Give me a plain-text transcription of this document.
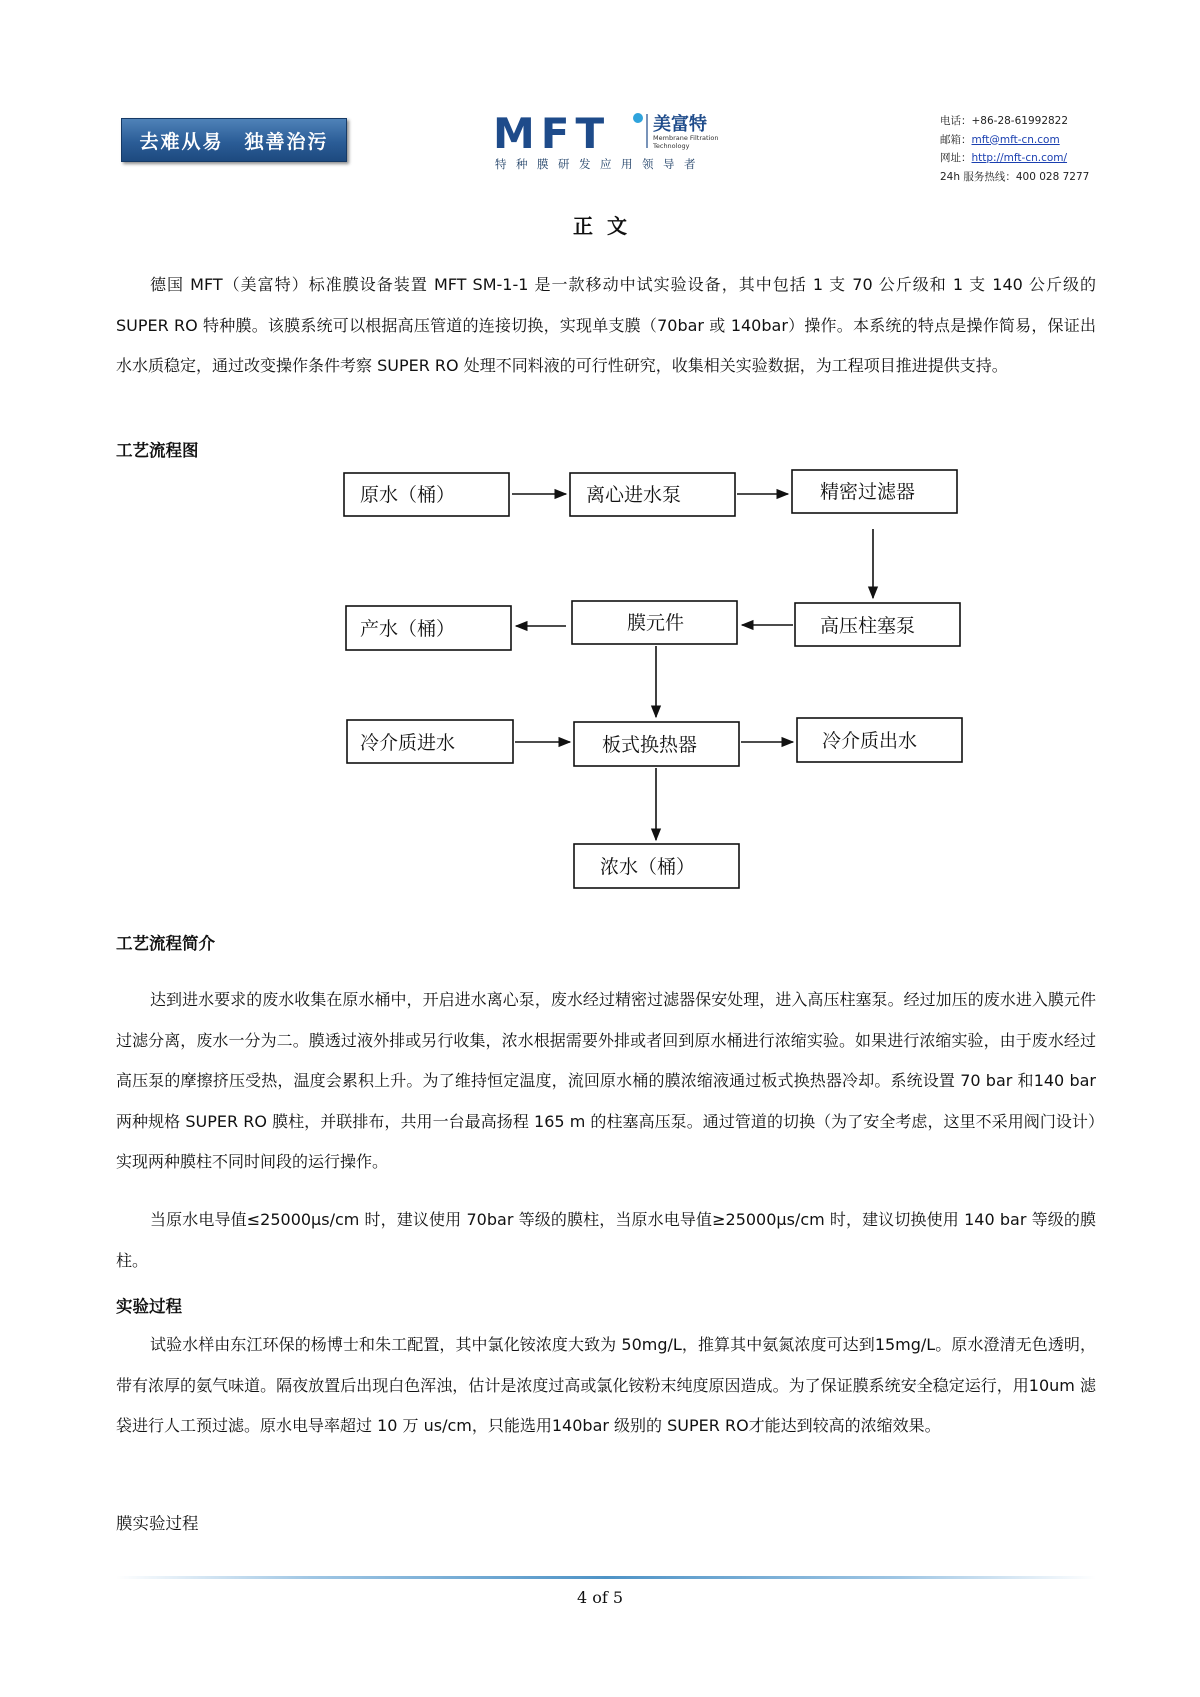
去难从易　独善治污	MFT 美富特
Membrane Filtration
Technology
特种膜研发应用领导者
电话：+86-28-61992822
邮箱：mft@mft-cn.com
网址：http://mft-cn.com/
24h 服务热线：400 028 7277
正文

德国 MFT（美富特）标准膜设备装置 MFT SM-1-1 是一款移动中试实验设备，其中包括 1 支 70 公斤级和 1 支 140 公斤级的 SUPER RO 特种膜。该膜系统可以根据高压管道的连接切换，实现单支膜（70bar 或 140bar）操作。本系统的特点是操作简易，保证出水水质稳定，通过改变操作条件考察 SUPER RO 处理不同料液的可行性研究，收集相关实验数据，为工程项目推进提供支持。

工艺流程图

原水（桶）	离心进水泵	精密过滤器
产水（桶）	膜元件	高压柱塞泵
冷介质进水	板式换热器	冷介质出水
浓水（桶）

工艺流程简介

达到进水要求的废水收集在原水桶中，开启进水离心泵，废水经过精密过滤器保安处理，进入高压柱塞泵。经过加压的废水进入膜元件过滤分离，废水一分为二。膜透过液外排或另行收集，浓水根据需要外排或者回到原水桶进行浓缩实验。如果进行浓缩实验，由于废水经过高压泵的摩擦挤压受热，温度会累积上升。为了维持恒定温度，流回原水桶的膜浓缩液通过板式换热器冷却。系统设置 70 bar 和140 bar 两种规格 SUPER RO 膜柱，并联排布，共用一台最高扬程 165 m 的柱塞高压泵。通过管道的切换（为了安全考虑，这里不采用阀门设计）实现两种膜柱不同时间段的运行操作。

当原水电导值≤25000μs/cm 时，建议使用 70bar 等级的膜柱，当原水电导值≥25000μs/cm 时，建议切换使用 140 bar 等级的膜柱。

实验过程

试验水样由东江环保的杨博士和朱工配置，其中氯化铵浓度大致为 50mg/L，推算其中氨氮浓度可达到15mg/L。原水澄清无色透明，带有浓厚的氨气味道。隔夜放置后出现白色浑浊，估计是浓度过高或氯化铵粉末纯度原因造成。为了保证膜系统安全稳定运行，用10um 滤袋进行人工预过滤。原水电导率超过 10 万 us/cm，只能选用140bar 级别的 SUPER RO才能达到较高的浓缩效果。

膜实验过程

4 of 5
